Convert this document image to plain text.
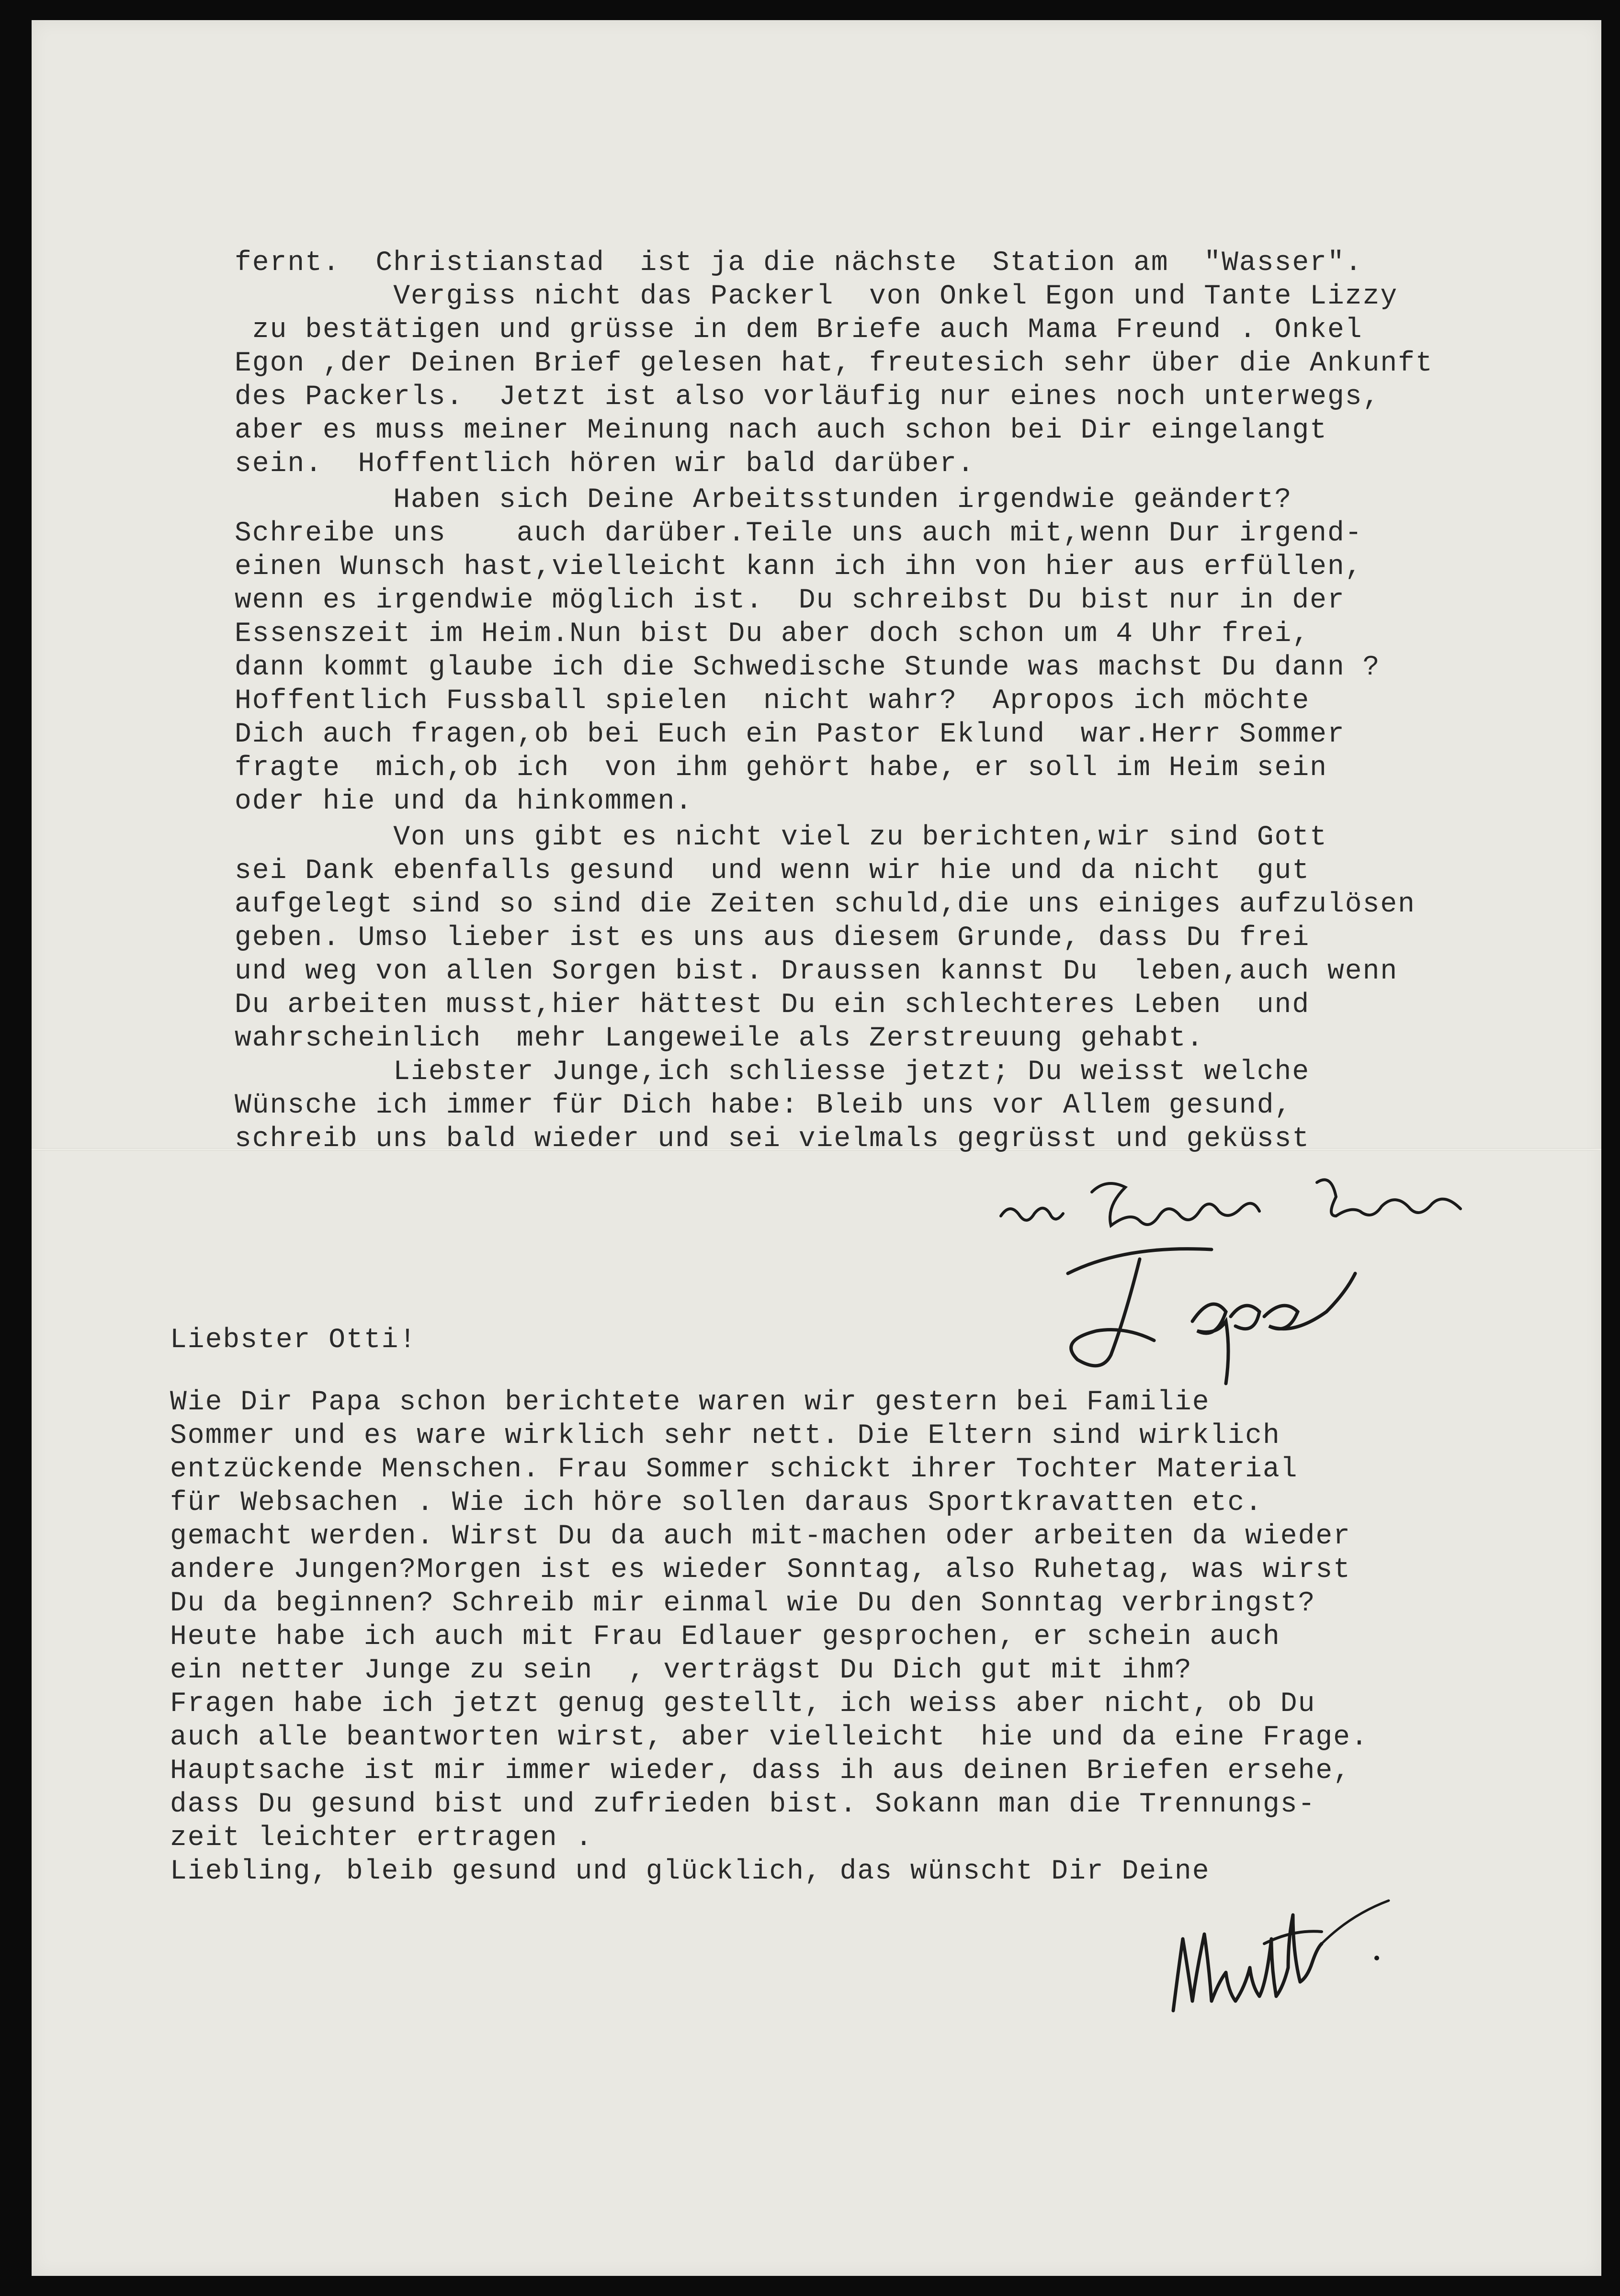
fernt.  Christianstad  ist ja die nächste  Station am  "Wasser".
Vergiss nicht das Packerl  von Onkel Egon und Tante Lizzy
zu bestätigen und grüsse in dem Briefe auch Mama Freund . Onkel
Egon ,der Deinen Brief gelesen hat, freutesich sehr über die Ankunft
des Packerls.  Jetzt ist also vorläufig nur eines noch unterwegs,
aber es muss meiner Meinung nach auch schon bei Dir eingelangt
sein.  Hoffentlich hören wir bald darüber.
Haben sich Deine Arbeitsstunden irgendwie geändert?
Schreibe uns    auch darüber.Teile uns auch mit,wenn Dur irgend-
einen Wunsch hast,vielleicht kann ich ihn von hier aus erfüllen,
wenn es irgendwie möglich ist.  Du schreibst Du bist nur in der
Essenszeit im Heim.Nun bist Du aber doch schon um 4 Uhr frei,
dann kommt glaube ich die Schwedische Stunde was machst Du dann ?
Hoffentlich Fussball spielen  nicht wahr?  Apropos ich möchte
Dich auch fragen,ob bei Euch ein Pastor Eklund  war.Herr Sommer
fragte  mich,ob ich  von ihm gehört habe, er soll im Heim sein
oder hie und da hinkommen.
Von uns gibt es nicht viel zu berichten,wir sind Gott
sei Dank ebenfalls gesund  und wenn wir hie und da nicht  gut
aufgelegt sind so sind die Zeiten schuld,die uns einiges aufzulösen
geben. Umso lieber ist es uns aus diesem Grunde, dass Du frei
und weg von allen Sorgen bist. Draussen kannst Du  leben,auch wenn
Du arbeiten musst,hier hättest Du ein schlechteres Leben  und
wahrscheinlich  mehr Langeweile als Zerstreuung gehabt.
Liebster Junge,ich schliesse jetzt; Du weisst welche
Wünsche ich immer für Dich habe: Bleib uns vor Allem gesund,
schreib uns bald wieder und sei vielmals gegrüsst und geküsst
Liebster Otti!
Wie Dir Papa schon berichtete waren wir gestern bei Familie
Sommer und es ware wirklich sehr nett. Die Eltern sind wirklich
entzückende Menschen. Frau Sommer schickt ihrer Tochter Material
für Websachen . Wie ich höre sollen daraus Sportkravatten etc.
gemacht werden. Wirst Du da auch mit-machen oder arbeiten da wieder
andere Jungen?Morgen ist es wieder Sonntag, also Ruhetag, was wirst
Du da beginnen? Schreib mir einmal wie Du den Sonntag verbringst?
Heute habe ich auch mit Frau Edlauer gesprochen, er schein auch
ein netter Junge zu sein  , verträgst Du Dich gut mit ihm?
Fragen habe ich jetzt genug gestellt, ich weiss aber nicht, ob Du
auch alle beantworten wirst, aber vielleicht  hie und da eine Frage.
Hauptsache ist mir immer wieder, dass ih aus deinen Briefen ersehe,
dass Du gesund bist und zufrieden bist. Sokann man die Trennungs-
zeit leichter ertragen .
Liebling, bleib gesund und glücklich, das wünscht Dir Deine
